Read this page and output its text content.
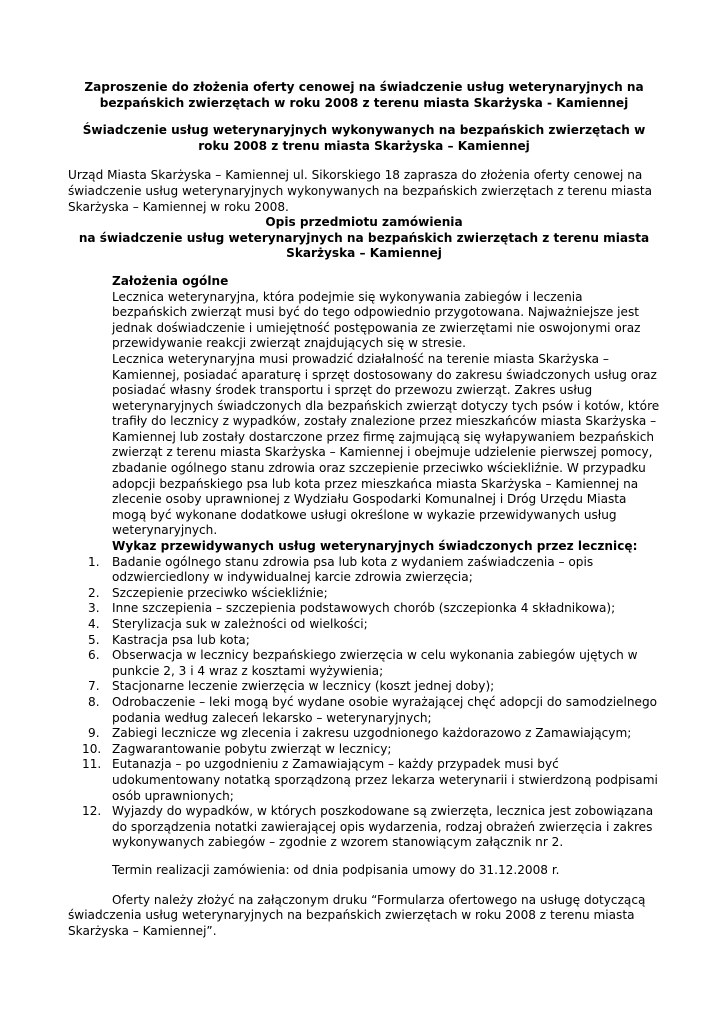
Zaproszenie do złożenia oferty cenowej na świadczenie usług weterynaryjnych na bezpańskich zwierzętach w roku 2008 z terenu miasta Skarżyska - Kamiennej
Świadczenie usług weterynaryjnych wykonywanych na bezpańskich zwierzętach w roku 2008 z trenu miasta Skarżyska – Kamiennej

Urząd Miasta Skarżyska – Kamiennej ul. Sikorskiego 18 zaprasza do złożenia oferty cenowej na świadczenie usług weterynaryjnych wykonywanych na bezpańskich zwierzętach z terenu miasta Skarżyska – Kamiennej w roku 2008.

Opis przedmiotu zamówienia
na świadczenie usług weterynaryjnych na bezpańskich zwierzętach z terenu miasta Skarżyska – Kamiennej
Założenia ogólne

Lecznica weterynaryjna, która podejmie się wykonywania zabiegów i leczenia bezpańskich zwierząt musi być do tego odpowiednio przygotowana. Najważniejsze jest jednak doświadczenie i umiejętność postępowania ze zwierzętami nie oswojonymi oraz przewidywanie reakcji zwierząt znajdujących się w stresie.

Lecznica weterynaryjna musi prowadzić działalność na terenie miasta Skarżyska – Kamiennej, posiadać aparaturę i sprzęt dostosowany do zakresu świadczonych usług oraz posiadać własny środek transportu i sprzęt do przewozu zwierząt. Zakres usług weterynaryjnych świadczonych dla bezpańskich zwierząt dotyczy tych psów i kotów, które trafiły do lecznicy z wypadków, zostały znalezione przez mieszkańców miasta Skarżyska – Kamiennej lub zostały dostarczone przez firmę zajmującą się wyłapywaniem bezpańskich zwierząt z terenu miasta Skarżyska – Kamiennej i obejmuje udzielenie pierwszej pomocy, zbadanie ogólnego stanu zdrowia oraz szczepienie przeciwko wściekliźnie. W przypadku adopcji bezpańskiego psa lub kota przez mieszkańca miasta Skarżyska – Kamiennej na zlecenie osoby uprawnionej z Wydziału Gospodarki Komunalnej i Dróg Urzędu Miasta mogą być wykonane dodatkowe usługi określone w wykazie przewidywanych usług weterynaryjnych.

Wykaz przewidywanych usług weterynaryjnych świadczonych przez lecznicę:
1. Badanie ogólnego stanu zdrowia psa lub kota z wydaniem zaświadczenia – opis odzwierciedlony w indywidualnej karcie zdrowia zwierzęcia;
2. Szczepienie przeciwko wściekliźnie;
3. Inne szczepienia – szczepienia podstawowych chorób (szczepionka 4 składnikowa);
4. Sterylizacja suk w zależności od wielkości;
5. Kastracja psa lub kota;
6. Obserwacja w lecznicy bezpańskiego zwierzęcia w celu wykonania zabiegów ujętych w punkcie 2, 3 i 4 wraz z kosztami wyżywienia;
7. Stacjonarne leczenie zwierzęcia w lecznicy (koszt jednej doby);
8. Odrobaczenie – leki mogą być wydane osobie wyrażającej chęć adopcji do samodzielnego podania według zaleceń lekarsko – weterynaryjnych;
9. Zabiegi lecznicze wg zlecenia i zakresu uzgodnionego każdorazowo z Zamawiającym;
10. Zagwarantowanie pobytu zwierząt w lecznicy;
11. Eutanazja – po uzgodnieniu z Zamawiającym – każdy przypadek musi być udokumentowany notatką sporządzoną przez lekarza weterynarii i stwierdzoną podpisami osób uprawnionych;
12. Wyjazdy do wypadków, w których poszkodowane są zwierzęta, lecznica jest zobowiązana do sporządzenia notatki zawierającej opis wydarzenia, rodzaj obrażeń zwierzęcia i zakres wykonywanych zabiegów – zgodnie z wzorem stanowiącym załącznik nr 2.

Termin realizacji zamówienia: od dnia podpisania umowy do 31.12.2008 r.

Oferty należy złożyć na załączonym druku “Formularza ofertowego na usługę dotyczącą świadczenia usług weterynaryjnych na bezpańskich zwierzętach w roku 2008 z terenu miasta Skarżyska – Kamiennej”.
